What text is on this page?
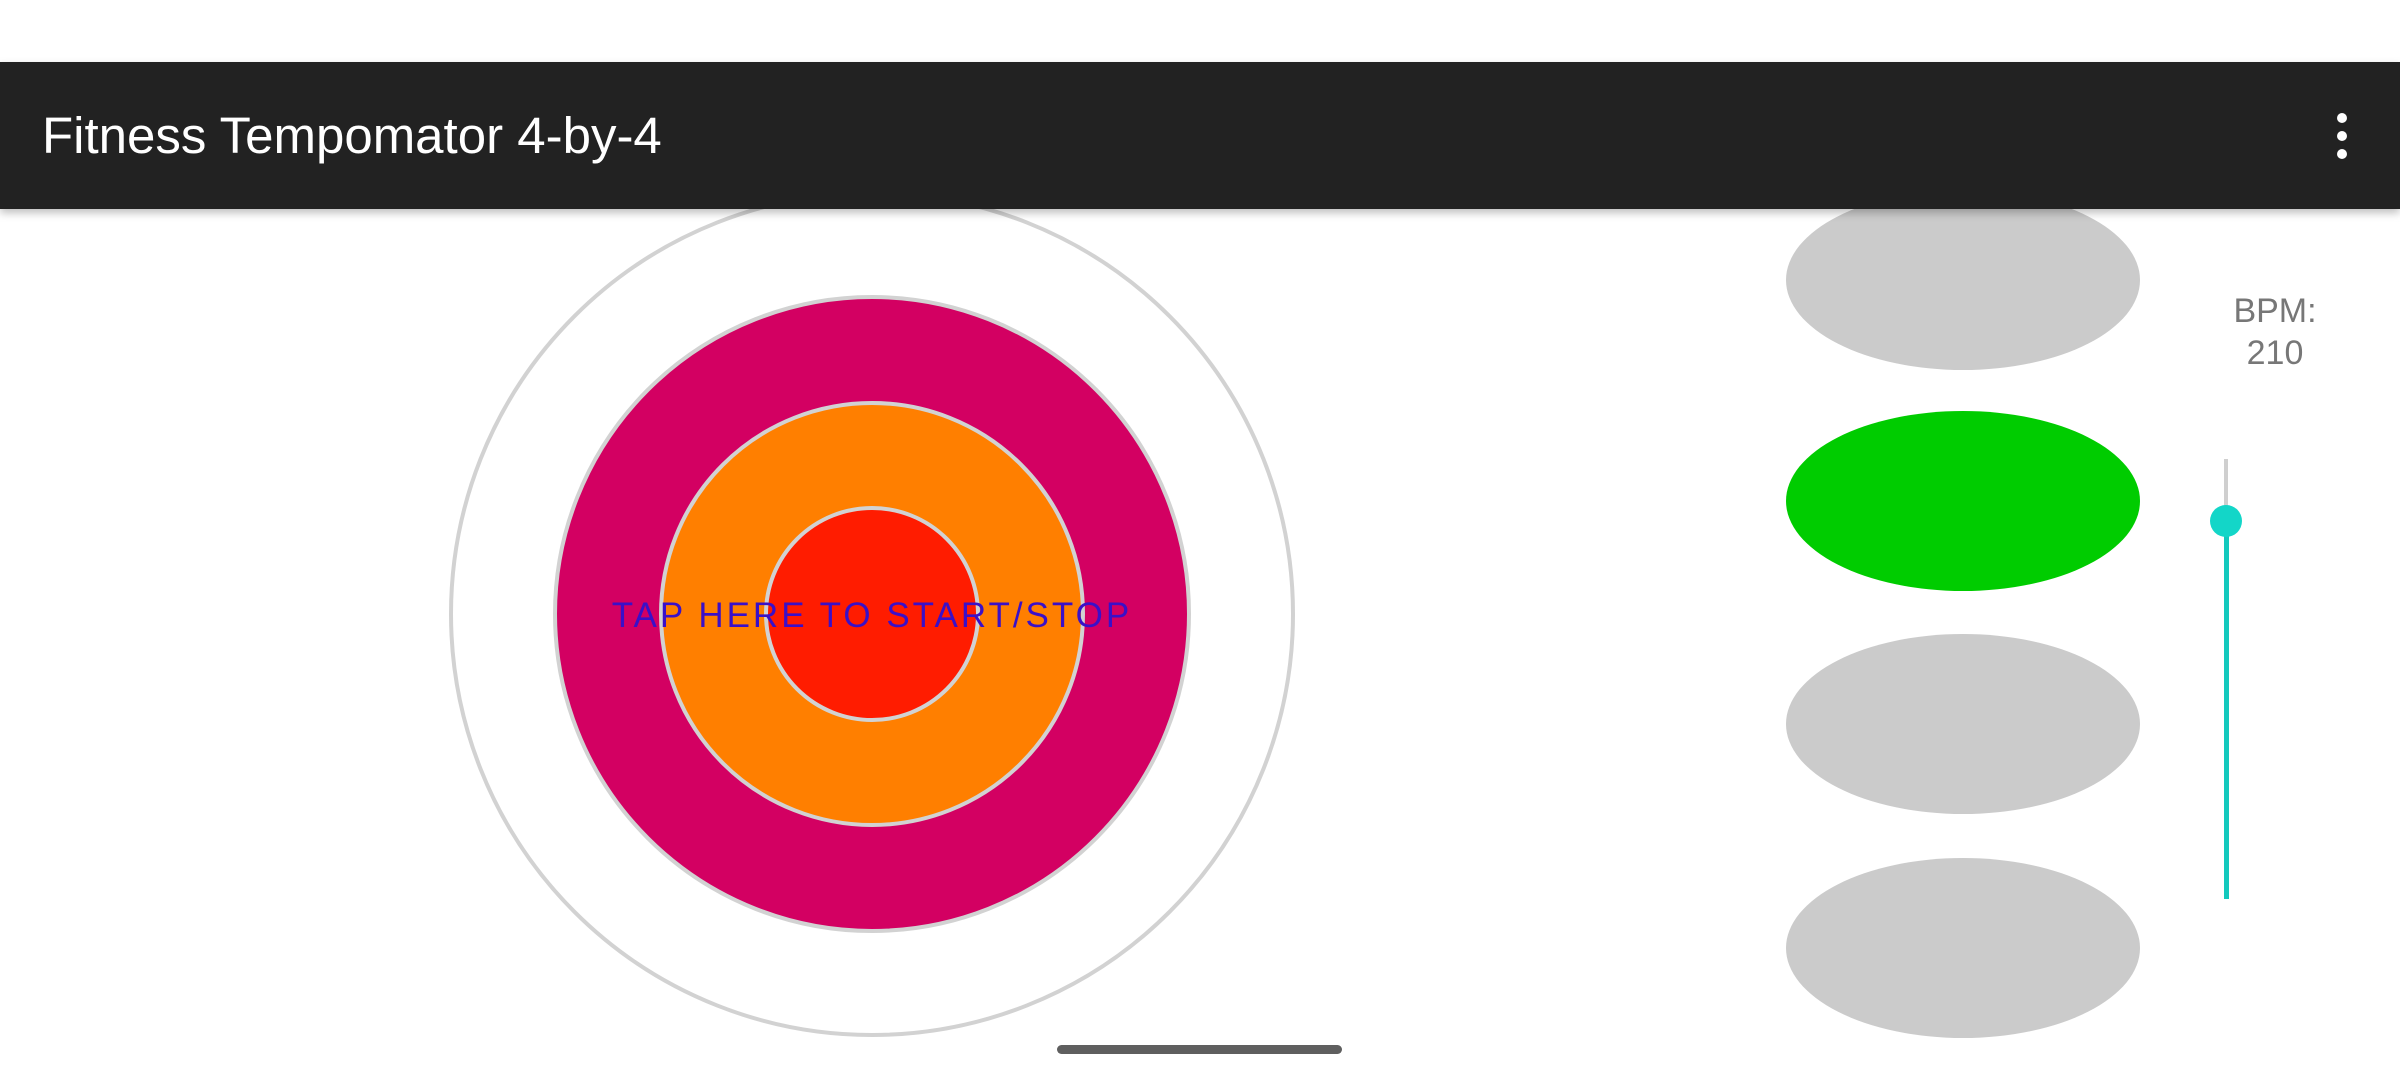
Fitness Tempomator 4-by-4
TAP HERE TO START/STOP
BPM:
210
